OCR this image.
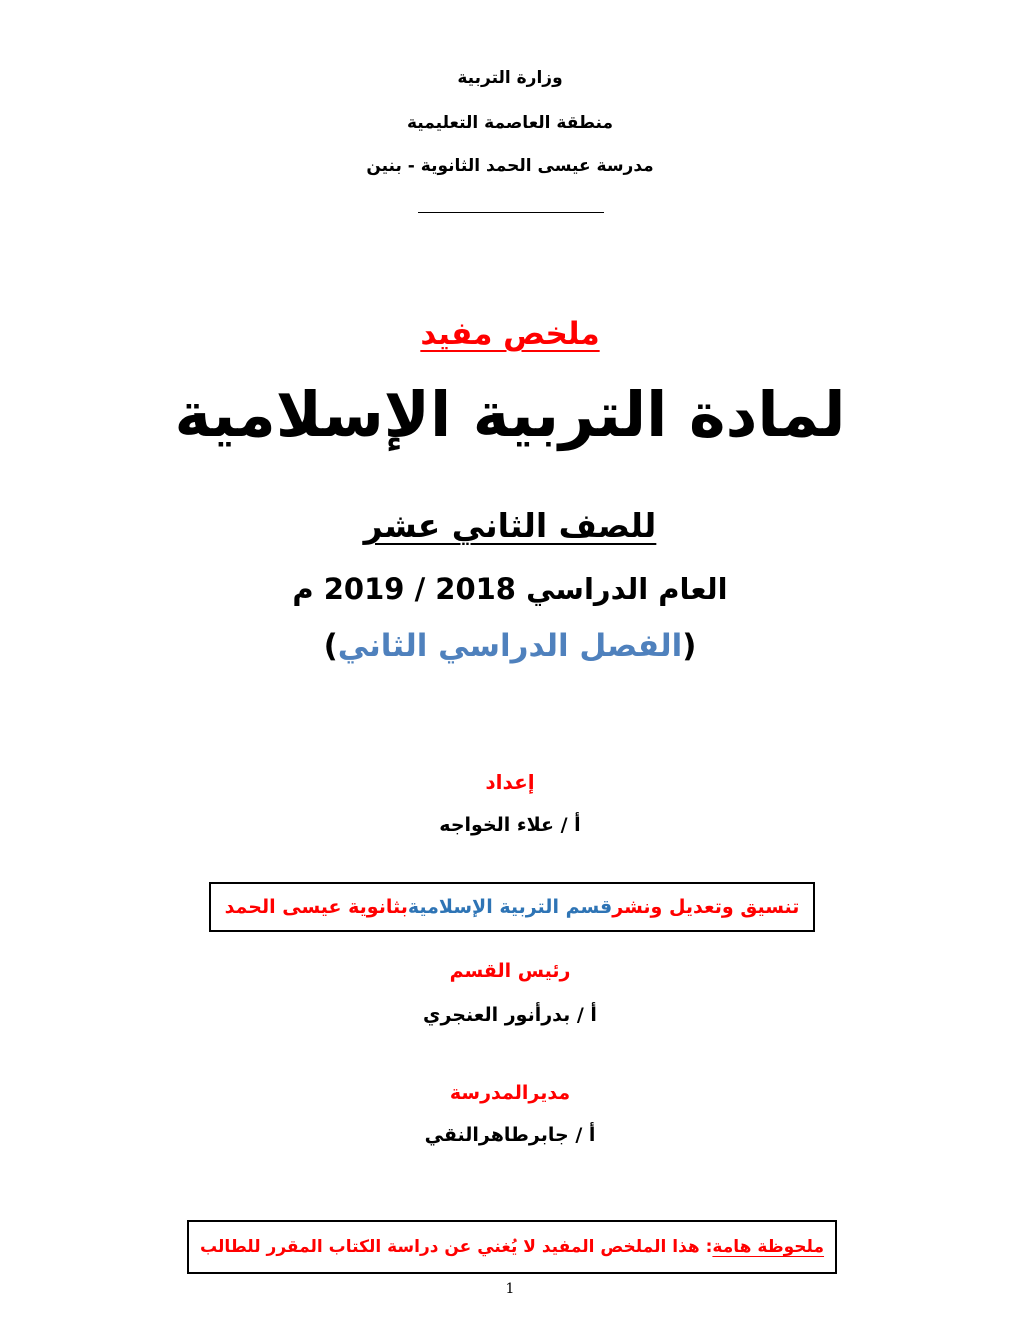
وزارة التربية
منطقة العاصمة التعليمية
مدرسة عيسى الحمد الثانوية - بنين
ملخص مفيد
لمادة التربية الإسلامية
للصف الثاني عشر
العام الدراسي 2018 / 2019 م
(الفصل الدراسي الثاني)
إعداد
أ / علاء الخواجه
تنسيق وتعديل ونشر
قسم التربية الإسلامية
بثانوية عيسى الحمد
رئيس القسم
أ / بدرأنور العنجري
مديرالمدرسة
أ / جابرطاهرالنقي
ملحوظة هامة
: هذا الملخص المفيد لا يُغني عن دراسة الكتاب المقرر للطالب
1
